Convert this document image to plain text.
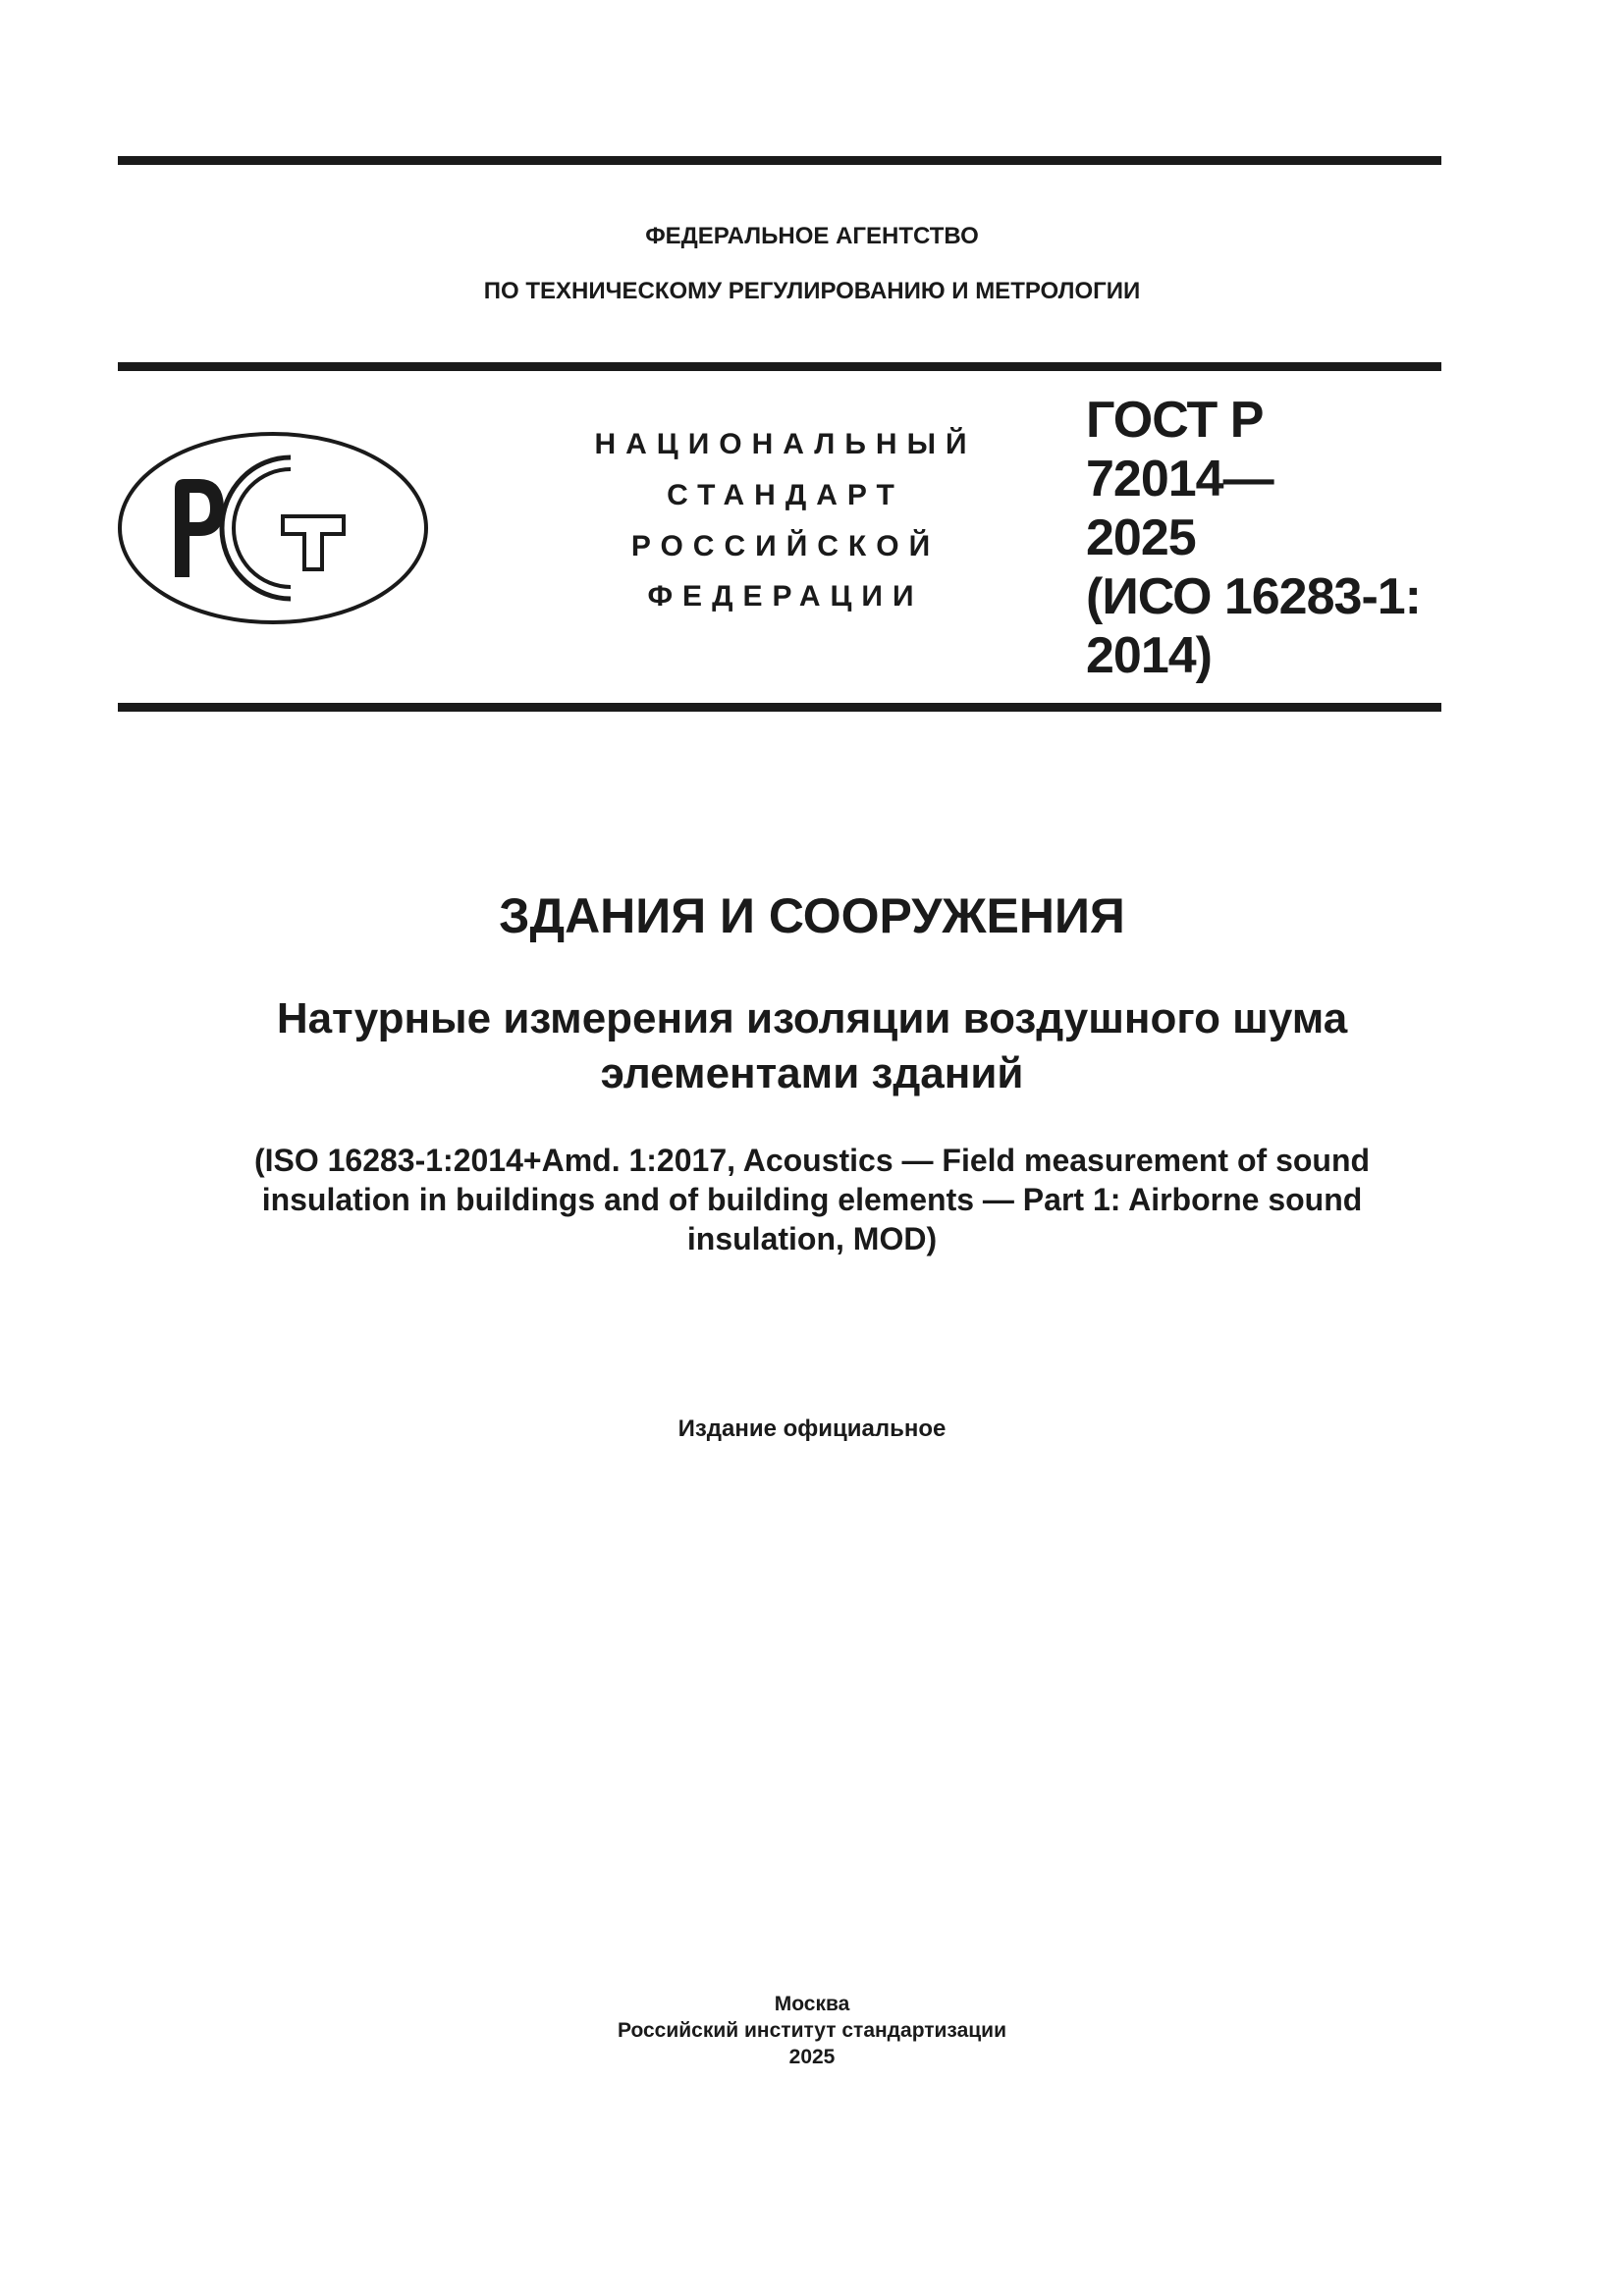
ФЕДЕРАЛЬНОЕ АГЕНТСТВО
ПО ТЕХНИЧЕСКОМУ РЕГУЛИРОВАНИЮ И МЕТРОЛОГИИ
НАЦИОНАЛЬНЫЙ
СТАНДАРТ
РОССИЙСКОЙ
ФЕДЕРАЦИИ
ГОСТ Р
72014—
2025
(ИСО 16283-1:
2014)
ЗДАНИЯ И СООРУЖЕНИЯ
Натурные измерения изоляции воздушного шума
элементами зданий
(ISO 16283-1:2014+Amd. 1:2017, Acoustics — Field measurement of sound
insulation in buildings and of building elements — Part 1: Airborne sound
insulation, MOD)
Издание официальное
Москва
Российский институт стандартизации
2025
